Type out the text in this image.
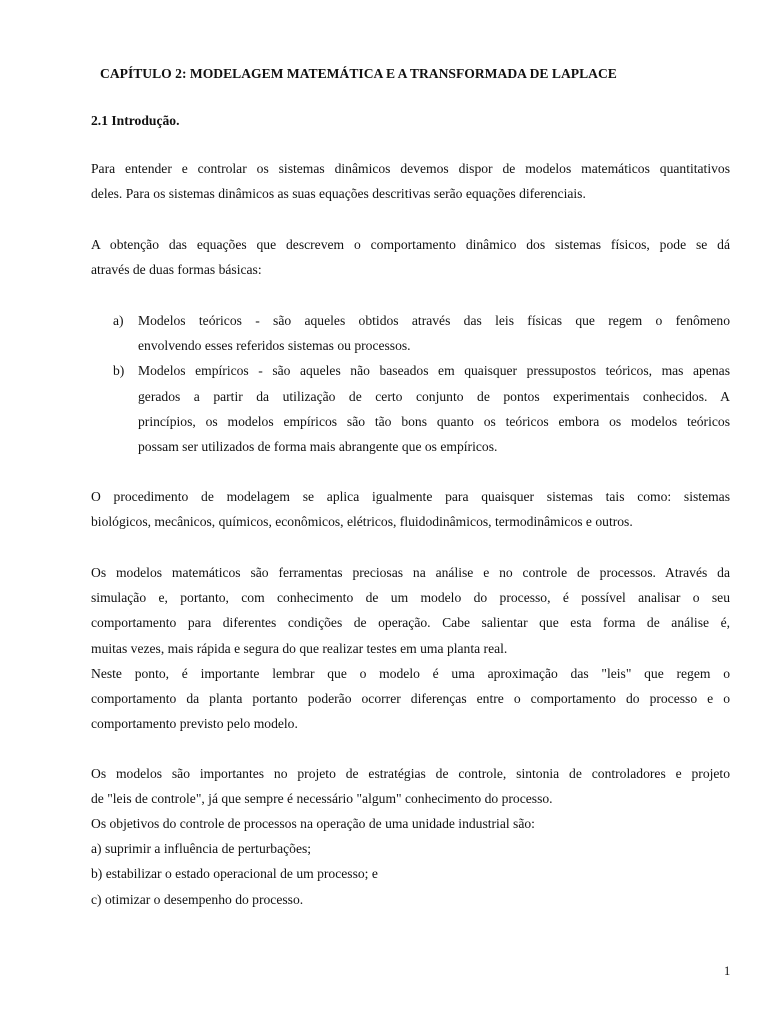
CAPÍTULO 2: MODELAGEM MATEMÁTICA E A TRANSFORMADA DE LAPLACE
2.1 Introdução.
Para entender e controlar os sistemas dinâmicos devemos dispor de modelos matemáticos quantitativos
deles. Para os sistemas dinâmicos as suas equações descritivas serão equações diferenciais.
A obtenção das equações que descrevem o comportamento dinâmico dos sistemas físicos, pode se dá
através de duas formas básicas:
a) Modelos teóricos - são aqueles obtidos através das leis físicas que regem o fenômeno
envolvendo esses referidos sistemas ou processos.
b) Modelos empíricos - são aqueles não baseados em quaisquer pressupostos teóricos, mas apenas
gerados a partir da utilização de certo conjunto de pontos experimentais conhecidos. A
princípios, os modelos empíricos são tão bons quanto os teóricos embora os modelos teóricos
possam ser utilizados de forma mais abrangente que os empíricos.
O procedimento de modelagem se aplica igualmente para quaisquer sistemas tais como: sistemas
biológicos, mecânicos, químicos, econômicos, elétricos, fluidodinâmicos, termodinâmicos e outros.
Os modelos matemáticos são ferramentas preciosas na análise e no controle de processos. Através da
simulação e, portanto, com conhecimento de um modelo do processo, é possível analisar o seu
comportamento para diferentes condições de operação. Cabe salientar que esta forma de análise é,
muitas vezes, mais rápida e segura do que realizar testes em uma planta real.
Neste ponto, é importante lembrar que o modelo é uma aproximação das "leis" que regem o
comportamento da planta portanto poderão ocorrer diferenças entre o comportamento do processo e o
comportamento previsto pelo modelo.
Os modelos são importantes no projeto de estratégias de controle, sintonia de controladores e projeto
de "leis de controle", já que sempre é necessário "algum" conhecimento do processo.
Os objetivos do controle de processos na operação de uma unidade industrial são:
a) suprimir a influência de perturbações;
b) estabilizar o estado operacional de um processo; e
c) otimizar o desempenho do processo.
1
